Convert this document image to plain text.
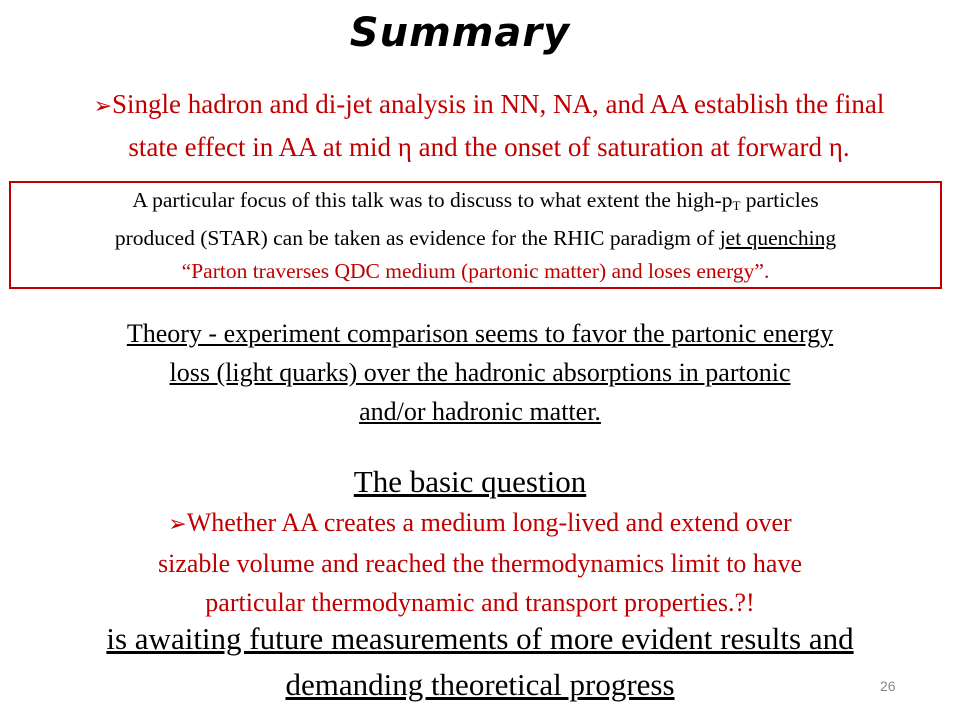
Summary
➢Single hadron and di-jet analysis in NN, NA, and AA establish the final
state effect in AA at mid η and the onset of saturation at forward η.
A particular focus of this talk was to discuss to what extent the high-$p_T$ particles
produced (STAR) can be taken as evidence for the RHIC paradigm of jet quenching
“Parton traverses QDC medium (partonic matter) and loses energy”.
Theory - experiment comparison seems to favor the partonic energy
loss (light quarks) over the hadronic absorptions in partonic
and/or hadronic matter.
The basic question
➢Whether AA creates a medium long-lived and extend over
sizable volume and reached the thermodynamics limit to have
particular thermodynamic and transport properties.?!
is awaiting future measurements of more evident results and
demanding theoretical progress	26
